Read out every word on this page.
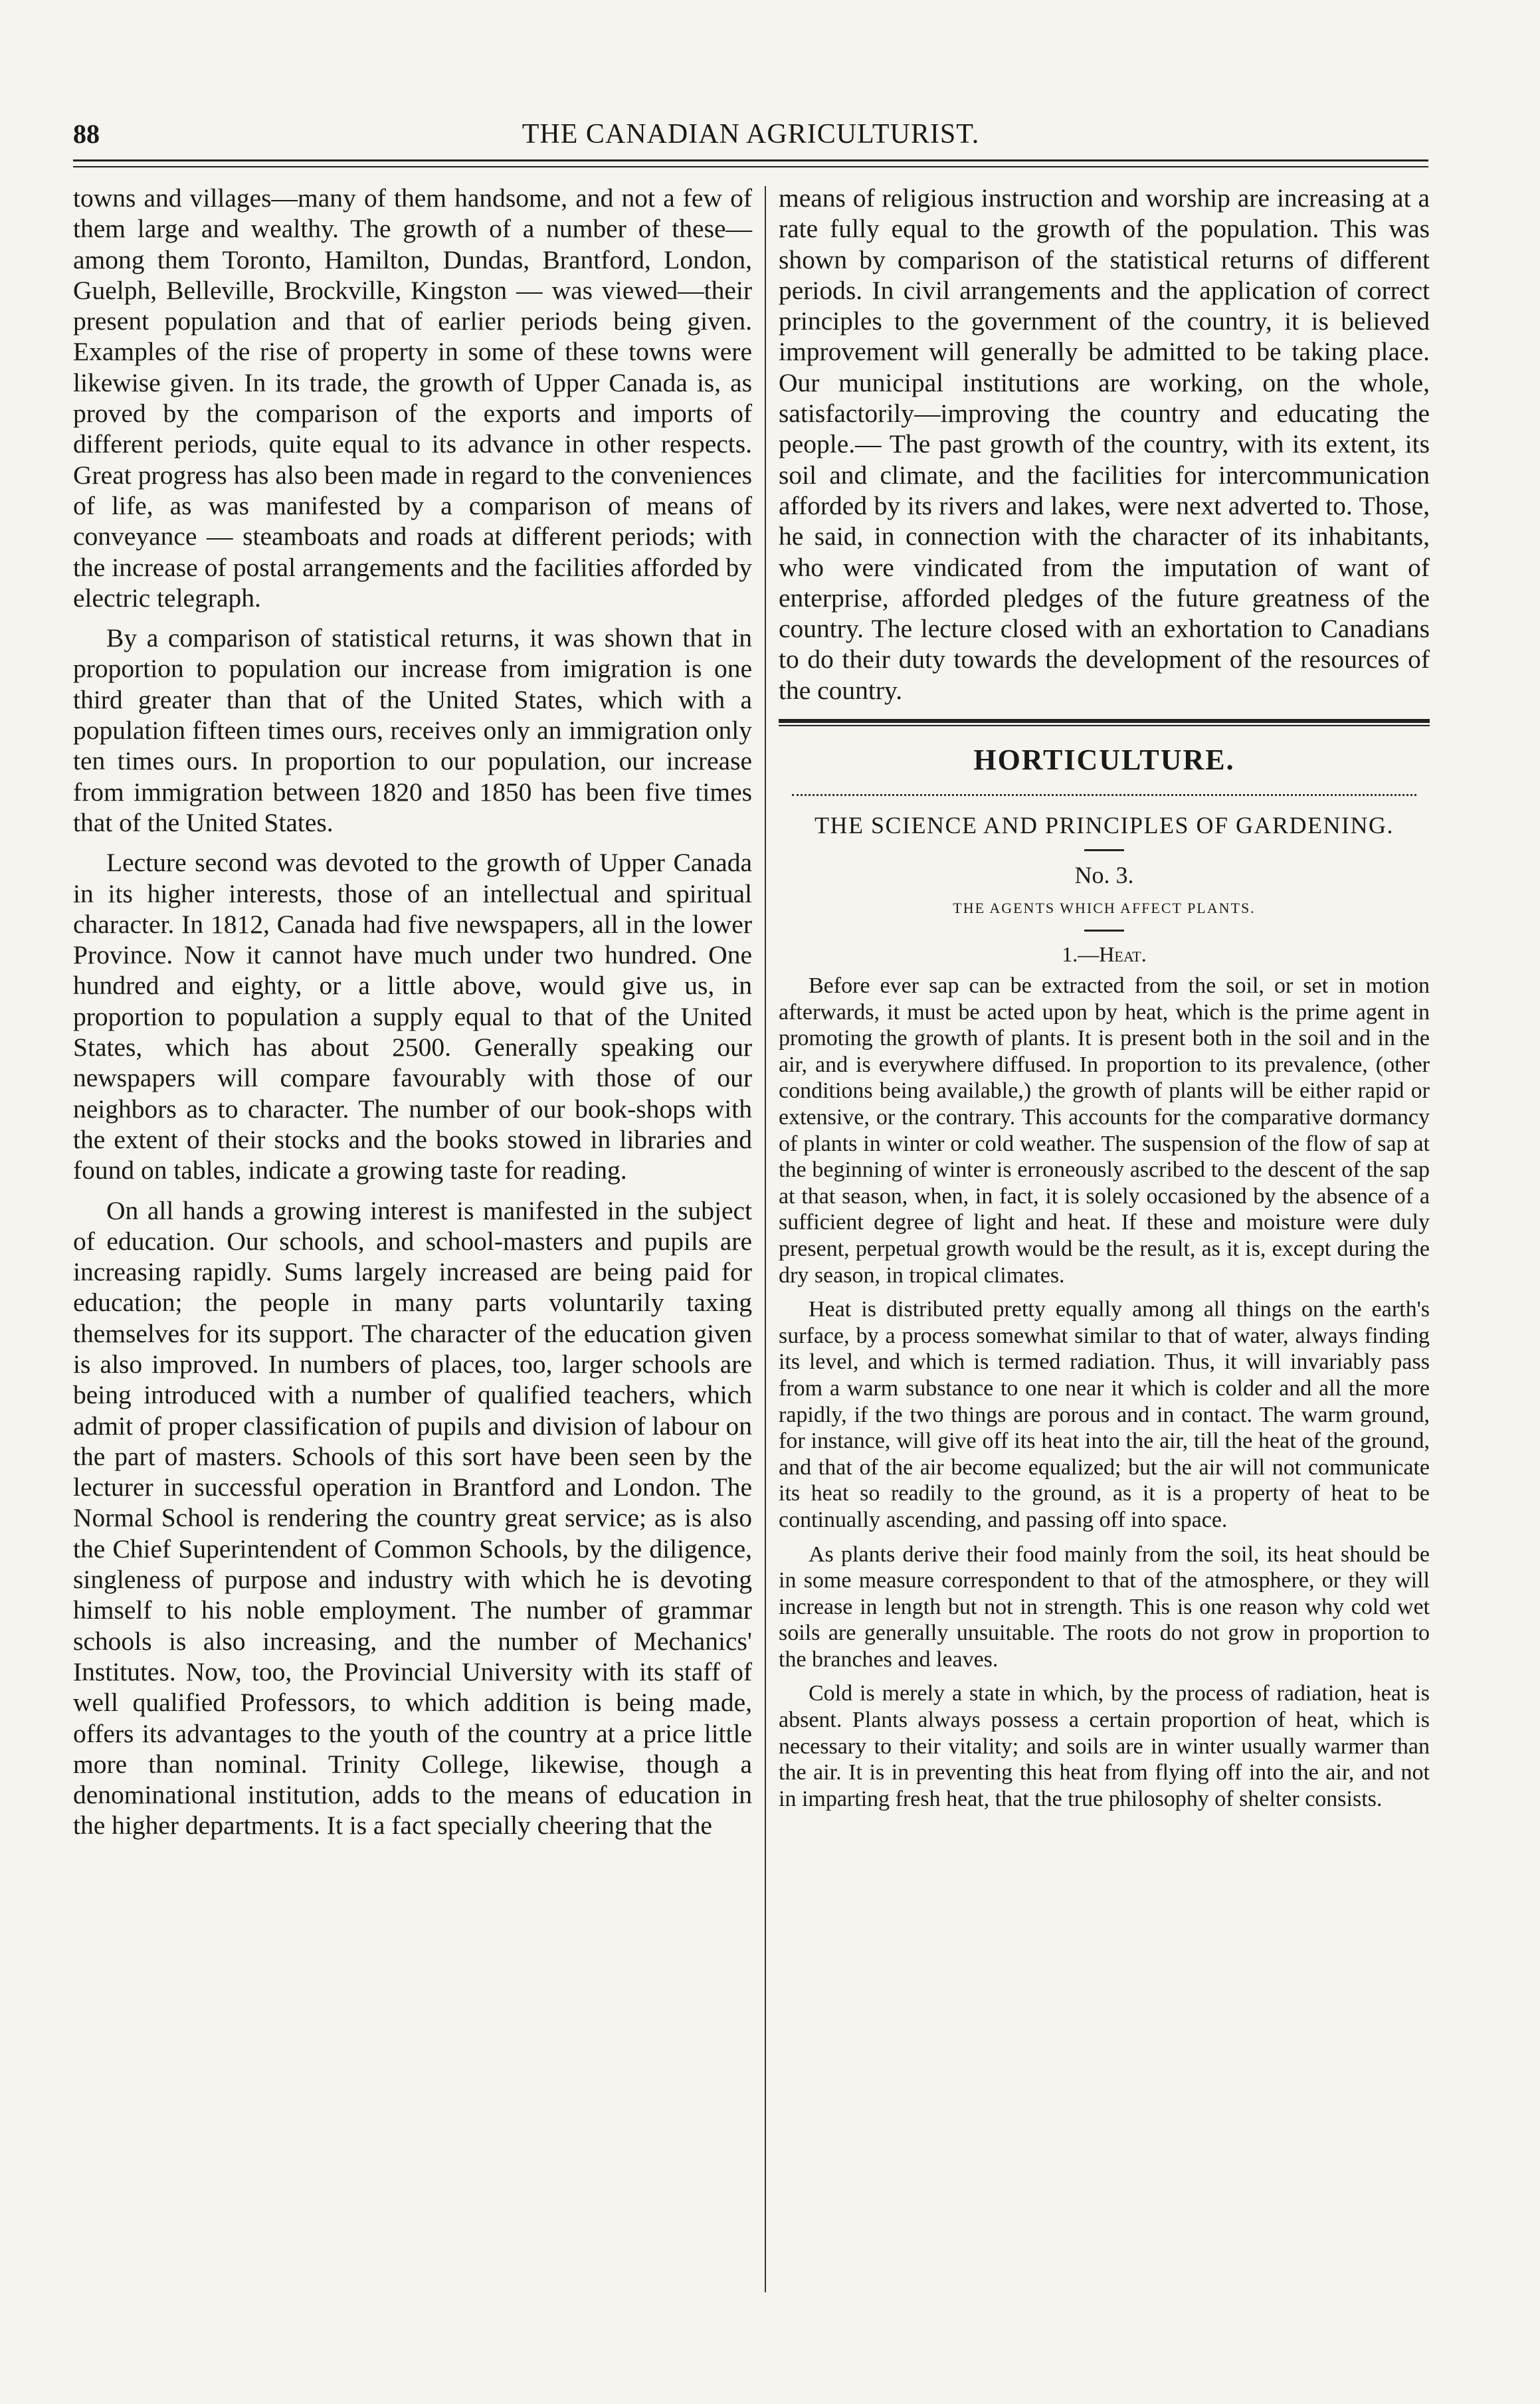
88	THE CANADIAN AGRICULTURIST.

towns and villages—many of them handsome, and not a few of them large and wealthy. The growth of a number of these—among them Toronto, Hamilton, Dundas, Brantford, London, Guelph, Belleville, Brockville, Kingston — was viewed—their present population and that of earlier periods being given. Examples of the rise of property in some of these towns were likewise given. In its trade, the growth of Upper Canada is, as proved by the comparison of the exports and imports of different periods, quite equal to its advance in other respects. Great progress has also been made in regard to the conveniences of life, as was manifested by a comparison of means of conveyance — steamboats and roads at different periods; with the increase of postal arrangements and the facilities afforded by electric telegraph.

By a comparison of statistical returns, it was shown that in proportion to population our increase from imigration is one third greater than that of the United States, which with a population fifteen times ours, receives only an immigration only ten times ours. In proportion to our population, our increase from immigration between 1820 and 1850 has been five times that of the United States.

Lecture second was devoted to the growth of Upper Canada in its higher interests, those of an intellectual and spiritual character. In 1812, Canada had five newspapers, all in the lower Province. Now it cannot have much under two hundred. One hundred and eighty, or a little above, would give us, in proportion to population a supply equal to that of the United States, which has about 2500. Generally speaking our newspapers will compare favourably with those of our neighbors as to character. The number of our book-shops with the extent of their stocks and the books stowed in libraries and found on tables, indicate a growing taste for reading.

On all hands a growing interest is manifested in the subject of education. Our schools, and school-masters and pupils are increasing rapidly. Sums largely increased are being paid for education; the people in many parts voluntarily taxing themselves for its support. The character of the education given is also improved. In numbers of places, too, larger schools are being introduced with a number of qualified teachers, which admit of proper classification of pupils and division of labour on the part of masters. Schools of this sort have been seen by the lecturer in successful operation in Brantford and London. The Normal School is rendering the country great service; as is also the Chief Superintendent of Common Schools, by the diligence, singleness of purpose and industry with which he is devoting himself to his noble employment. The number of grammar schools is also increasing, and the number of Mechanics' Institutes. Now, too, the Provincial University with its staff of well qualified Professors, to which addition is being made, offers its advantages to the youth of the country at a price little more than nominal. Trinity College, likewise, though a denominational institution, adds to the means of education in the higher departments. It is a fact specially cheering that the

means of religious instruction and worship are increasing at a rate fully equal to the growth of the population. This was shown by comparison of the statistical returns of different periods. In civil arrangements and the application of correct principles to the government of the country, it is believed improvement will generally be admitted to be taking place. Our municipal institutions are working, on the whole, satisfactorily—improving the country and educating the people.— The past growth of the country, with its extent, its soil and climate, and the facilities for intercommunication afforded by its rivers and lakes, were next adverted to. Those, he said, in connection with the character of its inhabitants, who were vindicated from the imputation of want of enterprise, afforded pledges of the future greatness of the country. The lecture closed with an exhortation to Canadians to do their duty towards the development of the resources of the country.

HORTICULTURE.
THE SCIENCE AND PRINCIPLES OF GARDENING.
No. 3.
THE AGENTS WHICH AFFECT PLANTS.
1.—Heat.

Before ever sap can be extracted from the soil, or set in motion afterwards, it must be acted upon by heat, which is the prime agent in promoting the growth of plants. It is present both in the soil and in the air, and is everywhere diffused. In proportion to its prevalence, (other conditions being available,) the growth of plants will be either rapid or extensive, or the contrary. This accounts for the comparative dormancy of plants in winter or cold weather. The suspension of the flow of sap at the beginning of winter is erroneously ascribed to the descent of the sap at that season, when, in fact, it is solely occasioned by the absence of a sufficient degree of light and heat. If these and moisture were duly present, perpetual growth would be the result, as it is, except during the dry season, in tropical climates.

Heat is distributed pretty equally among all things on the earth's surface, by a process somewhat similar to that of water, always finding its level, and which is termed radiation. Thus, it will invariably pass from a warm substance to one near it which is colder and all the more rapidly, if the two things are porous and in contact. The warm ground, for instance, will give off its heat into the air, till the heat of the ground, and that of the air become equalized; but the air will not communicate its heat so readily to the ground, as it is a property of heat to be continually ascending, and passing off into space.

As plants derive their food mainly from the soil, its heat should be in some measure correspondent to that of the atmosphere, or they will increase in length but not in strength. This is one reason why cold wet soils are generally unsuitable. The roots do not grow in proportion to the branches and leaves.

Cold is merely a state in which, by the process of radiation, heat is absent. Plants always possess a certain proportion of heat, which is necessary to their vitality; and soils are in winter usually warmer than the air. It is in preventing this heat from flying off into the air, and not in imparting fresh heat, that the true philosophy of shelter consists.
